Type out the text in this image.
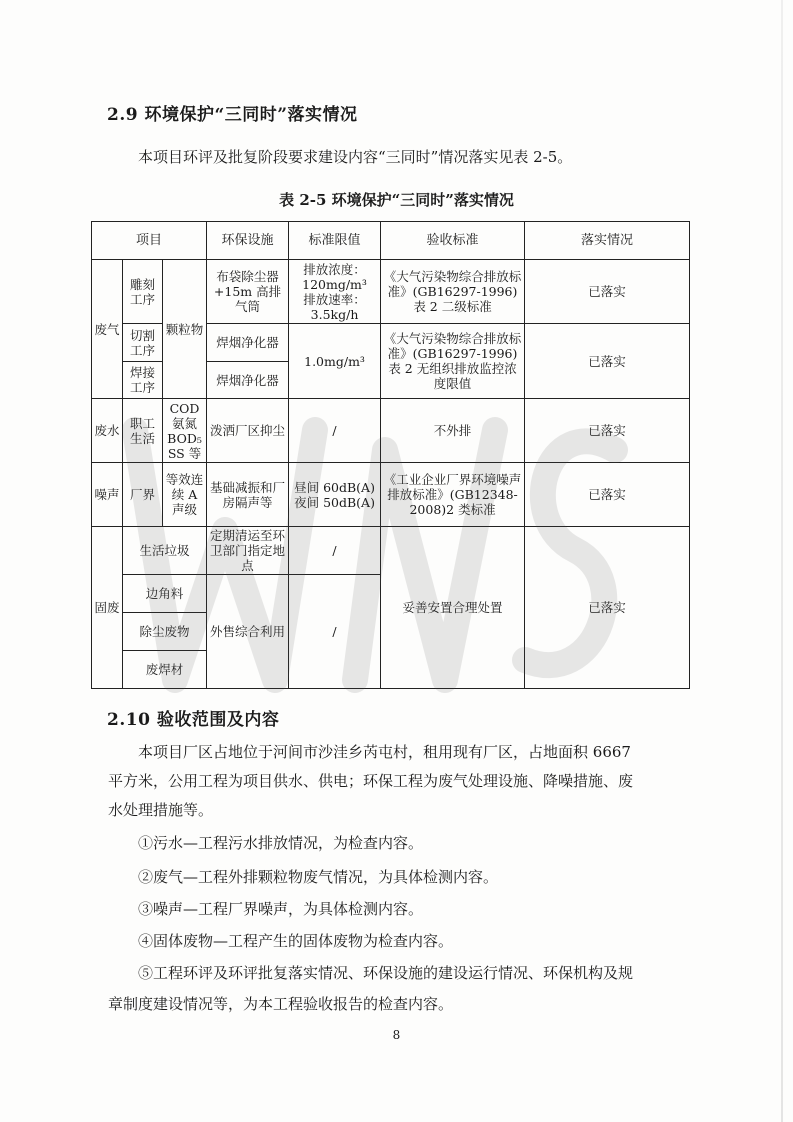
2.9 环境保护“三同时”落实情况
本项目环评及批复阶段要求建设内容“三同时”情况落实见表 2-5。
表 2-5 环境保护“三同时”落实情况
项目			环保设施	标准限值	验收标准	落实情况
废气	雕刻工序	颗粒物	布袋除尘器+15m 高排气筒	排放浓度：
120mg/m³
排放速率：
3.5kg/h	《大气污染物综合排放标准》(GB16297-1996)表 2 二级标准	已落实
	切割工序		焊烟净化器	1.0mg/m³	《大气污染物综合排放标准》(GB16297-1996)表 2 无组织排放监控浓度限值	已落实
	焊接工序		焊烟净化器			
废水	职工生活	COD
氨氮
BOD₅
SS 等	泼洒厂区抑尘	/	不外排	已落实
噪声	厂界	等效连续 A 声级	基础减振和厂房隔声等	昼间 60dB(A)
夜间 50dB(A)	《工业企业厂界环境噪声排放标准》(GB12348-2008)2 类标准	已落实
固废	生活垃圾		定期清运至环卫部门指定地点	/	妥善安置合理处置	已落实
	边角料		外售综合利用	/		
	除尘废物					
	废焊材					
2.10 验收范围及内容
本项目厂区占地位于河间市沙洼乡芮屯村，租用现有厂区，占地面积 6667
平方米，公用工程为项目供水、供电；环保工程为废气处理设施、降噪措施、废
水处理措施等。
①污水—工程污水排放情况，为检查内容。
②废气—工程外排颗粒物废气情况，为具体检测内容。
③噪声—工程厂界噪声，为具体检测内容。
④固体废物—工程产生的固体废物为检查内容。
⑤工程环评及环评批复落实情况、环保设施的建设运行情况、环保机构及规
章制度建设情况等，为本工程验收报告的检查内容。
8
